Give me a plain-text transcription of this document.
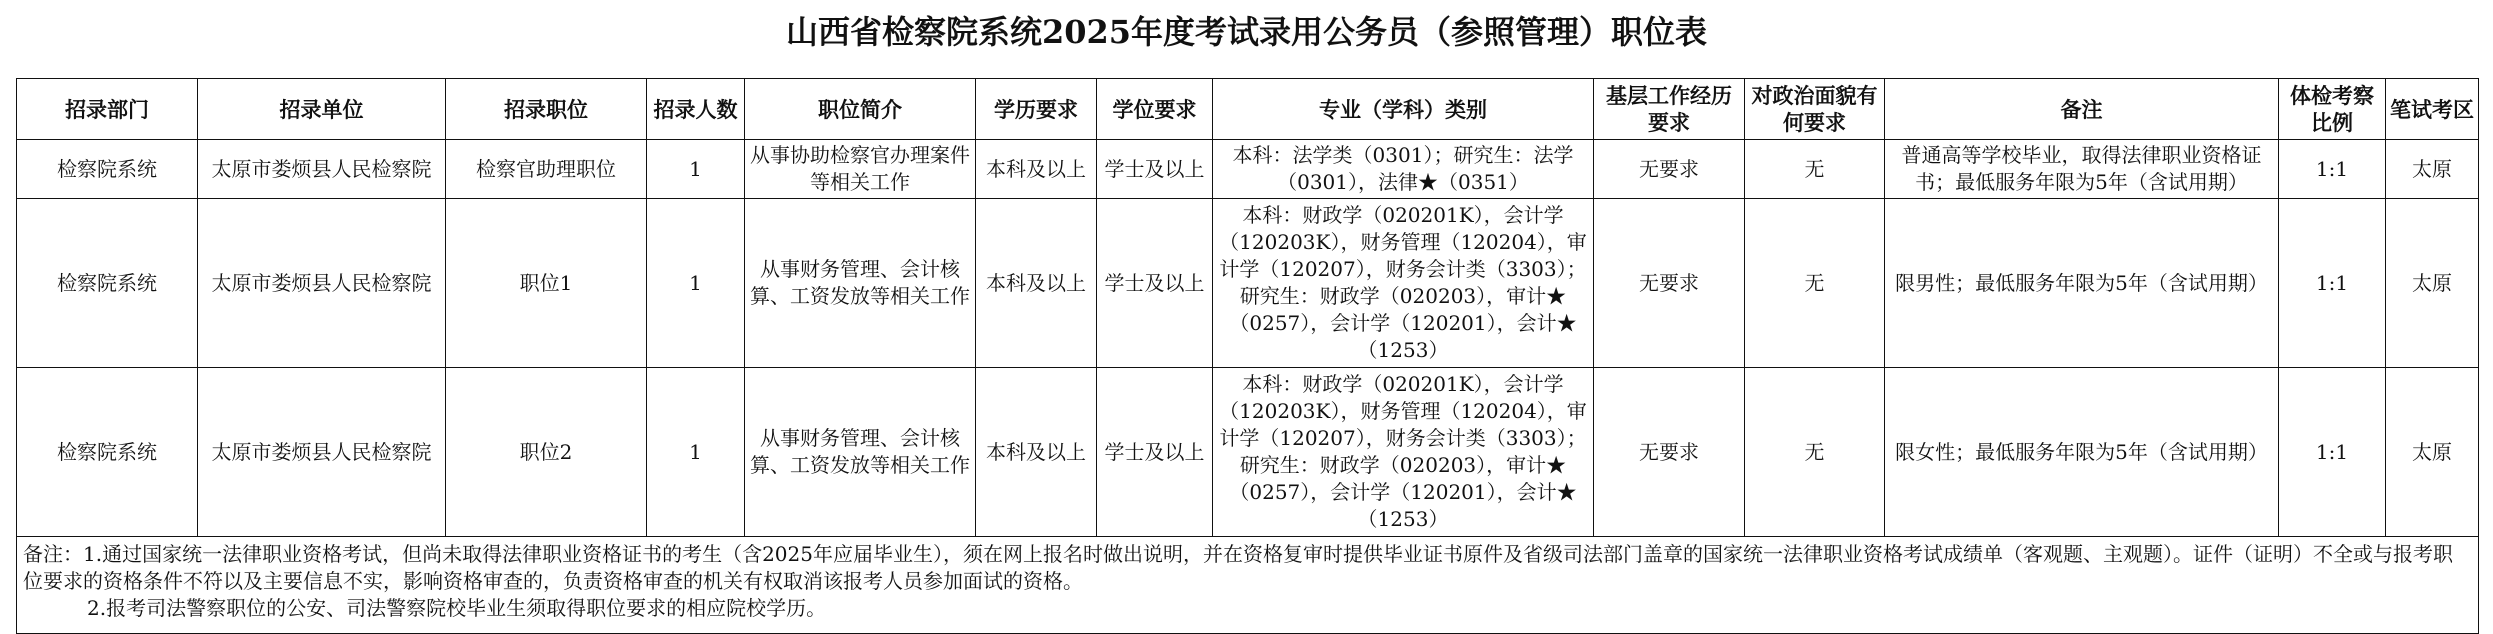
山西省检察院系统2025年度考试录用公务员（参照管理）职位表
招录部门	招录单位	招录职位	招录人数	职位简介	学历要求	学位要求	专业（学科）类别	基层工作经历要求	对政治面貌有何要求	备注	体检考察比例	笔试考区
检察院系统	太原市娄烦县人民检察院	检察官助理职位	1	从事协助检察官办理案件等相关工作	本科及以上	学士及以上	本科：法学类（0301）；研究生：法学（0301），法律★（0351）	无要求	无	普通高等学校毕业，取得法律职业资格证书；最低服务年限为5年（含试用期）	1:1	太原
检察院系统	太原市娄烦县人民检察院	职位1	1	从事财务管理、会计核算、工资发放等相关工作	本科及以上	学士及以上	本科：财政学（020201K），会计学（120203K），财务管理（120204），审计学（120207），财务会计类（3303）；研究生：财政学（020203），审计★（0257），会计学（120201），会计★（1253）	无要求	无	限男性；最低服务年限为5年（含试用期）	1:1	太原
检察院系统	太原市娄烦县人民检察院	职位2	1	从事财务管理、会计核算、工资发放等相关工作	本科及以上	学士及以上	本科：财政学（020201K），会计学（120203K），财务管理（120204），审计学（120207），财务会计类（3303）；研究生：财政学（020203），审计★（0257），会计学（120201），会计★（1253）	无要求	无	限女性；最低服务年限为5年（含试用期）	1:1	太原

备注：1.通过国家统一法律职业资格考试，但尚未取得法律职业资格证书的考生（含2025年应届毕业生），须在网上报名时做出说明，并在资格复审时提供毕业证书原件及省级司法部门盖章的国家统一法律职业资格考试成绩单（客观题、主观题）。证件（证明）不全或与报考职位要求的资格条件不符以及主要信息不实，影响资格审查的，负责资格审查的机关有权取消该报考人员参加面试的资格。
2.报考司法警察职位的公安、司法警察院校毕业生须取得职位要求的相应院校学历。												
